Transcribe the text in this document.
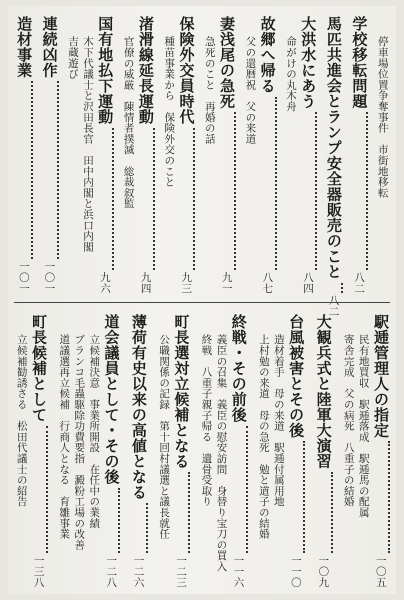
停車場位置争奪事件　市街地移転
学校移転問題
八二
馬匹共進会とランプ安全器販売のこと
八二
大洪水にあう
八四
命がけの丸木舟
故郷へ帰る
八七
父の還暦祝　父の来道
妻浅尾の急死
九一
急死のこと　再婚の話
保険外交員時代
九三
種苗事業から　保険外交のこと
渚滑線延長運動
九四
官僚の威厳　陳情者撲滅　総裁叙監
国有地払下運動
九六
木下代議士と沢田長官　田中内閣と浜口内閣
吉蔵遊び
連続凶作
一〇一
造材事業
一〇一
駅逓管理人の指定
一〇五
民有地買収　駅逓落成　駅逓馬の配属
寄舎完成　父の病死　八重子の結婚
大観兵式と陸軍大演習
一〇九
台風被害とその後
一一〇
造材着手　母の来道　駅逓付属用地
上村勉の来道　母の急死　勉と道子の結婚
終戦・その前後
一一六
義臣の召集　義臣の慰安訪問　身替り宝刀の買入
終戦　八重子親子帰る　遺骨受取り
町長選対立候補となる
一二三
公職関係の記録　第十回村議選と議長就任
薄荷有史以来の高値となる
一二六
道会議員として・その後
一二八
立候補決意　事業所開設　在任中の業績
ブランコ毛蟲駆除功費要指　澱粉工場の改善
道議選再立候補　行商人となる　育雛事業
町長候補として
一三八
立候補勧誘さる　松田代議士の紹告
